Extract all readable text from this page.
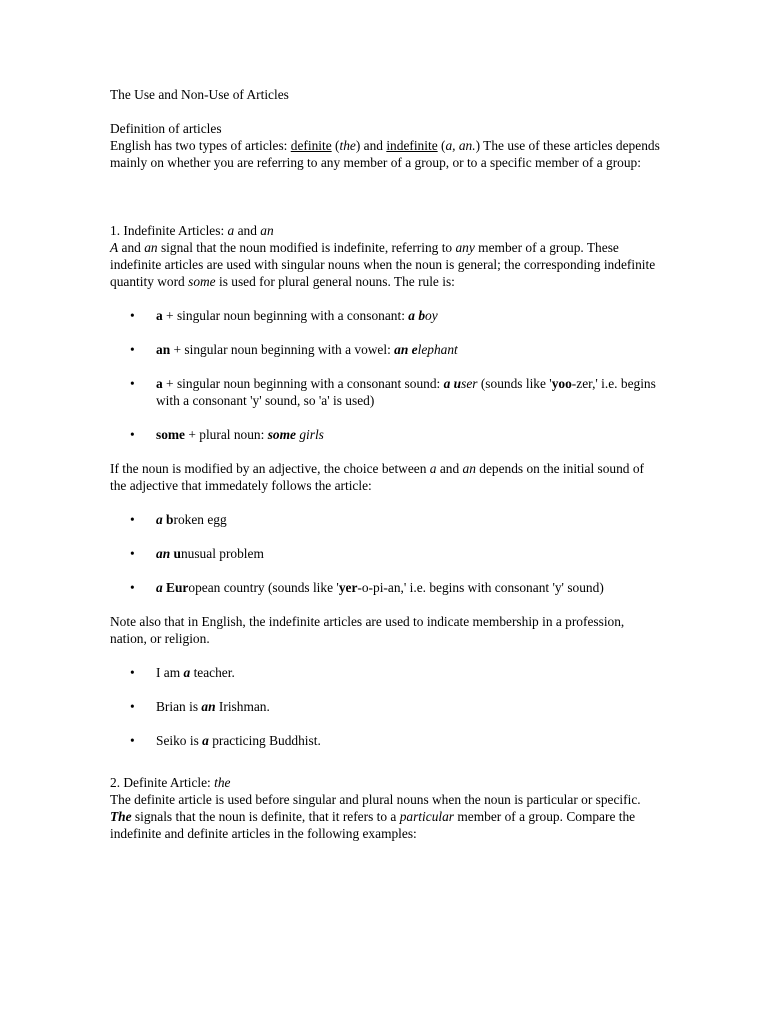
The Use and Non-Use of Articles

Definition of articles

English has two types of articles: definite (the) and indefinite (a, an.) The use of these articles depends mainly on whether you are referring to any member of a group, or to a specific member of a group:

1. Indefinite Articles: a and an

A and an signal that the noun modified is indefinite, referring to any member of a group. These indefinite articles are used with singular nouns when the noun is general; the corresponding indefinite quantity word some is used for plural general nouns. The rule is:

• a + singular noun beginning with a consonant: a boy
• an + singular noun beginning with a vowel: an elephant
• a + singular noun beginning with a consonant sound: a user (sounds like 'yoo-zer,' i.e. begins with a consonant 'y' sound, so 'a' is used)
• some + plural noun: some girls

If the noun is modified by an adjective, the choice between a and an depends on the initial sound of the adjective that immedately follows the article:

• a broken egg
• an unusual problem
• a European country (sounds like 'yer-o-pi-an,' i.e. begins with consonant 'y' sound)

Note also that in English, the indefinite articles are used to indicate membership in a profession, nation, or religion.

• I am a teacher.
• Brian is an Irishman.
• Seiko is a practicing Buddhist.

2. Definite Article: the

The definite article is used before singular and plural nouns when the noun is particular or specific. The signals that the noun is definite, that it refers to a particular member of a group. Compare the indefinite and definite articles in the following examples:
